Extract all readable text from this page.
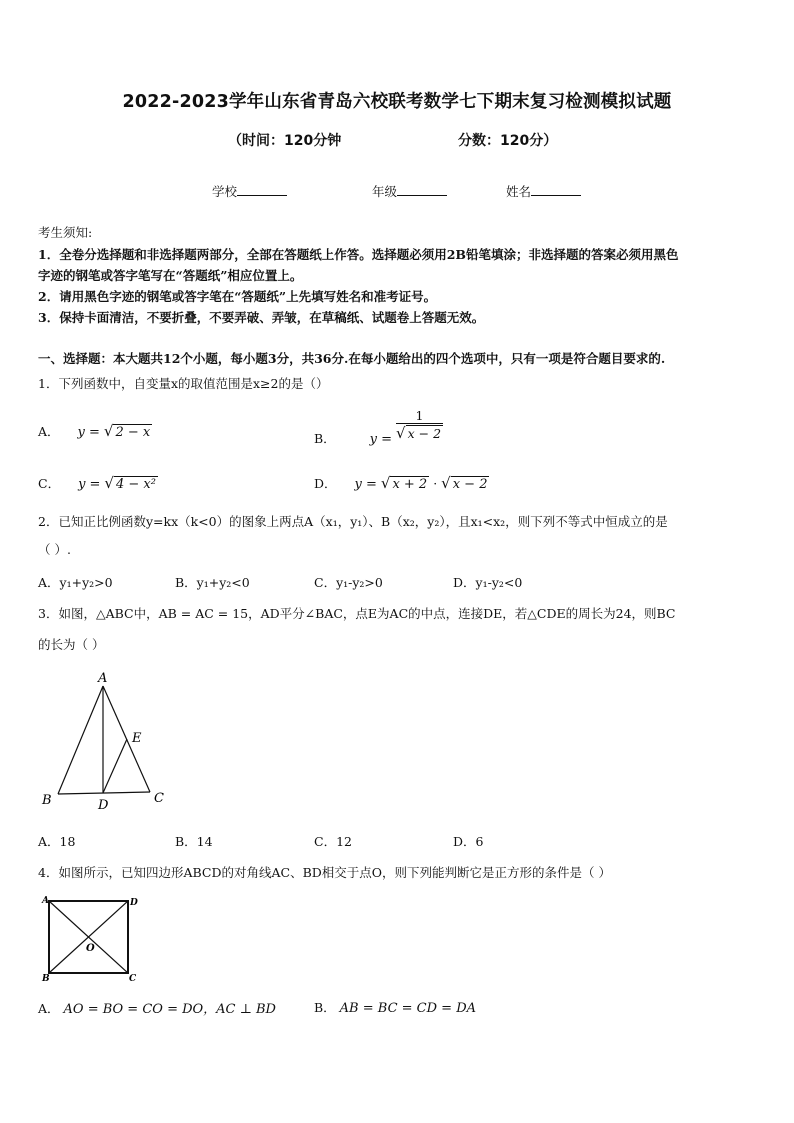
2022-2023学年山东省青岛六校联考数学七下期末复习检测模拟试题
（时间：120分钟	分数：120分）
学校	年级	姓名
考生须知:
1．全卷分选择题和非选择题两部分，全部在答题纸上作答。选择题必须用2B铅笔填涂；非选择题的答案必须用黑色
字迹的钢笔或答字笔写在“答题纸”相应位置上。
2．请用黑色字迹的钢笔或答字笔在“答题纸”上先填写姓名和准考证号。
3．保持卡面清洁，不要折叠，不要弄破、弄皱，在草稿纸、试题卷上答题无效。
一、选择题：本大题共12个小题，每小题3分，共36分.在每小题给出的四个选项中，只有一项是符合题目要求的.
1．下列函数中，自变量x的取值范围是x≥2的是（）
A． y = √ 2 − x	B．	$y = \frac{1}{√ x - 2}$
C． y = √ 4 − x²	D． y = √ x + 2 · √ x − 2
2．已知正比例函数y=kx（k<0）的图象上两点A（x₁，y₁）、B（x₂，y₂），且x₁<x₂，则下列不等式中恒成立的是
（ ）.
A．y₁+y₂>0	B．y₁+y₂<0	C．y₁-y₂>0	D．y₁-y₂<0
3．如图，△ABC中，AB = AC = 15，AD平分∠BAC，点E为AC的中点，连接DE，若△CDE的周长为24，则BC
的长为（ ）
A
B	C
D
E
A．18	B．14	C．12	D．6
4．如图所示，已知四边形ABCD的对角线AC、BD相交于点O，则下列能判断它是正方形的条件是（ ）
A	D
B	C
O
A． AO = BO = CO = DO，AC ⊥ BD	B． AB = BC = CD = DA
